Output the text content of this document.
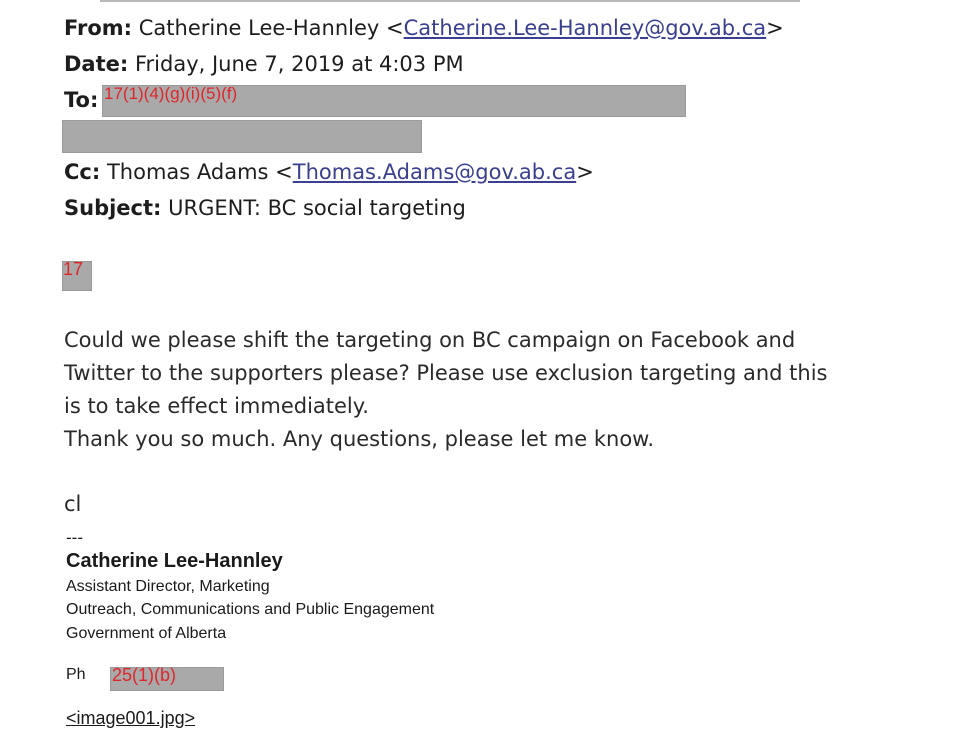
From: Catherine Lee-Hannley <Catherine.Lee-Hannley@gov.ab.ca>
Date: Friday, June 7, 2019 at 4:03 PM
To: 17(1)(4)(g)(i)(5)(f)
Cc: Thomas Adams <Thomas.Adams@gov.ab.ca>
Subject: URGENT: BC social targeting
17
Could we please shift the targeting on BC campaign on Facebook and
Twitter to the supporters please? Please use exclusion targeting and this
is to take effect immediately.
Thank you so much. Any questions, please let me know.
cl
---
Catherine Lee-Hannley
Assistant Director, Marketing
Outreach, Communications and Public Engagement
Government of Alberta
Ph 25(1)(b)
<image001.jpg>
